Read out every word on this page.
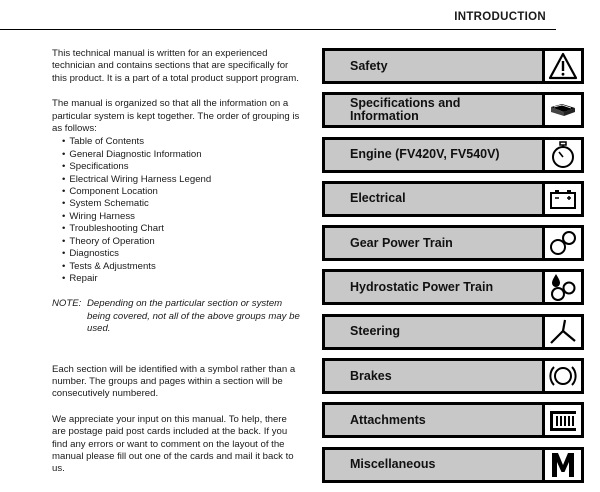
INTRODUCTION

This technical manual is written for an experienced technician and contains sections that are specifically for this product. It is a part of a total product support program.

The manual is organized so that all the information on a particular system is kept together. The order of grouping is as follows:

• Table of Contents
• General Diagnostic Information
• Specifications
• Electrical Wiring Harness Legend
• Component Location
• System Schematic
• Wiring Harness
• Troubleshooting Chart
• Theory of Operation
• Diagnostics
• Tests & Adjustments
• Repair
NOTE: Depending on the particular section or system being covered, not all of the above groups may be used.

Each section will be identified with a symbol rather than a number. The groups and pages within a section will be consecutively numbered.

We appreciate your input on this manual. To help, there are postage paid post cards included at the back. If you find any errors or want to comment on the layout of the manual please fill out one of the cards and mail it back to us.

Safety
Specifications and Information
Engine (FV420V, FV540V)
Electrical
Gear Power Train
Hydrostatic Power Train
Steering
Brakes
Attachments
Miscellaneous
